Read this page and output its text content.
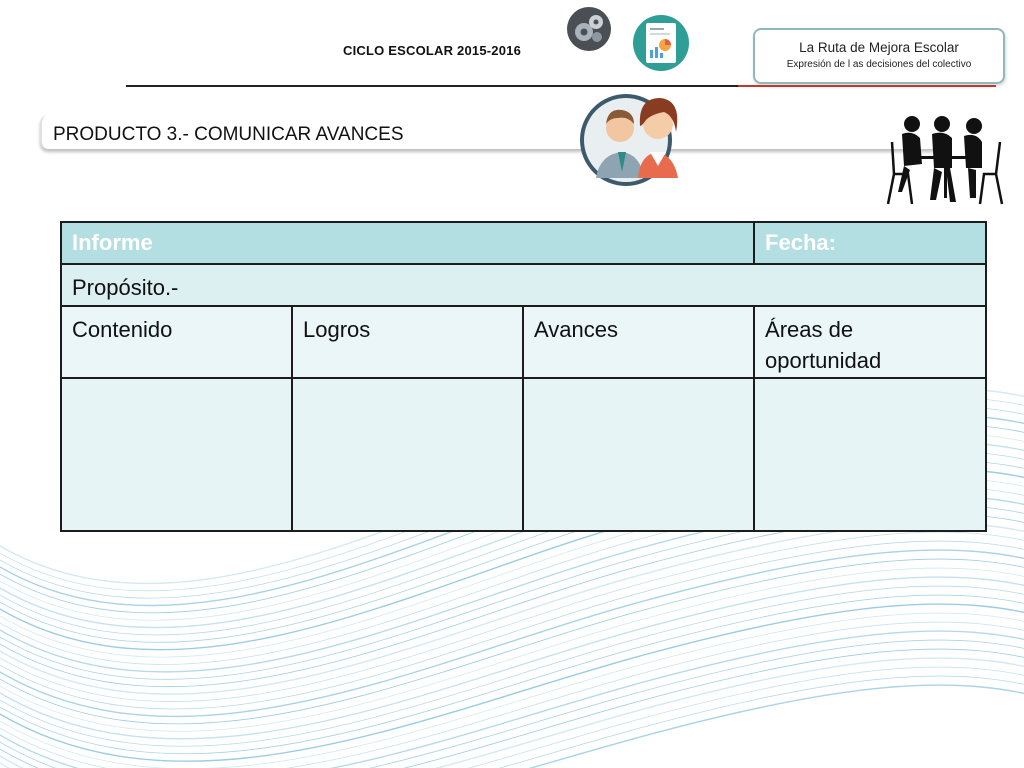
CICLO ESCOLAR 2015-2016	La Ruta de Mejora Escolar
Expresión de l as decisiones del colectivo
PRODUCTO 3.- COMUNICAR AVANCES
Informe			Fecha:

Propósito.-			

Contenido	Logros	Avances	Áreas de oportunidad
